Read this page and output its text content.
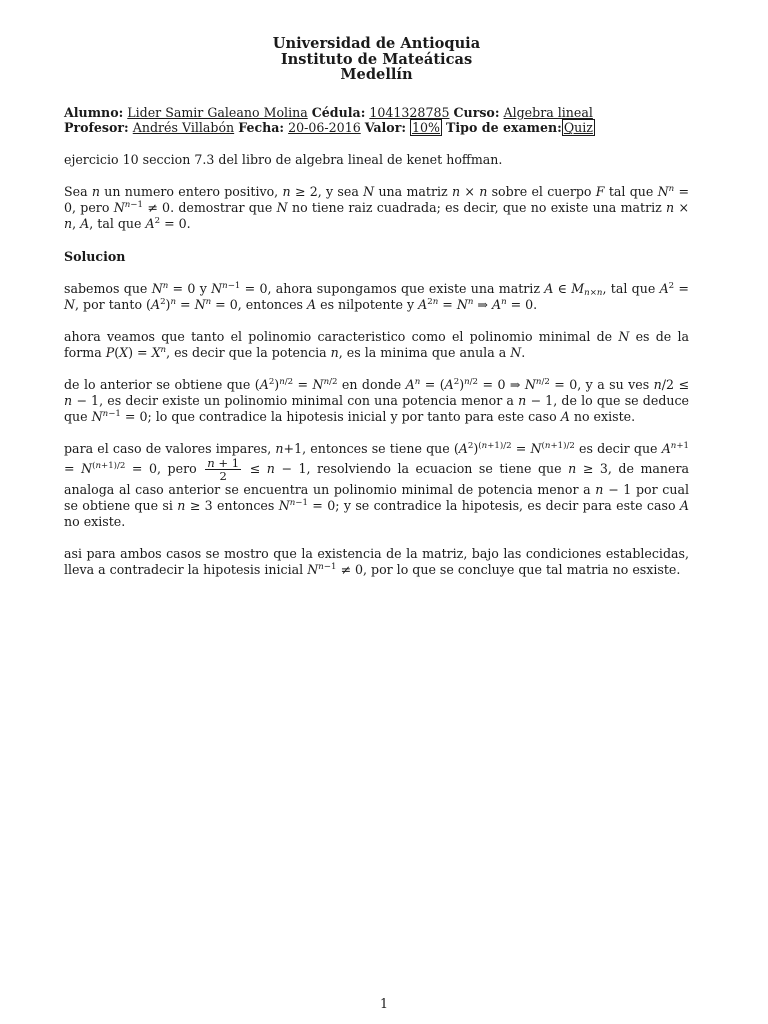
Universidad de Antioquia
Instituto de Mateáticas
Medellín
Alumno: Lider Samir Galeano Molina Cédula: 1041328785 Curso: Algebra lineal
Profesor: Andrés Villabón Fecha: 20-06-2016 Valor: 10% Tipo de examen: Quiz

ejercicio 10 seccion 7.3 del libro de algebra lineal de kenet hoffman.

Sea n un numero entero positivo, n ≥ 2, y sea N una matriz n × n sobre el cuerpo F tal que $N^n = 0$, pero $N^{n-1} \ne 0$. demostrar que N no tiene raiz cuadrada; es decir, que no existe una matriz n × n, A, tal que $A^2 = 0$.

Solucion

sabemos que $N^n = 0$ y $N^{n-1} = 0$, ahora supongamos que existe una matriz A ∈ $M_{n\times n}$, tal que $A^2 = N$, por tanto $(A^2)^n = N^n = 0$, entonces A es nilpotente y $A^{2n} = N^n$ ⇒ $A^n = 0$.

ahora veamos que tanto el polinomio caracteristico como el polinomio minimal de N es de la forma $P(X) = X^n$, es decir que la potencia n, es la minima que anula a N.

de lo anterior se obtiene que $(A^2)^{n/2} = N^{n/2}$ en donde $A^n = (A^2)^{n/2} = 0$ ⇒ $N^{n/2} = 0$, y a su ves n/2 ≤ n − 1, es decir existe un polinomio minimal con una potencia menor a n − 1, de lo que se deduce que $N^{n-1} = 0$; lo que contradice la hipotesis inicial y por tanto para este caso A no existe.

para el caso de valores impares, n+1, entonces se tiene que $(A^2)^{(n+1)/2} = N^{(n+1)/2}$ es decir que $A^{n+1} = N^{(n+1)/2} = 0$, pero $\frac{n + 1}{2} \le n - 1$, resolviendo la ecuacion se tiene que n ≥ 3, de manera analoga al caso anterior se encuentra un polinomio minimal de potencia menor a n − 1 por cual se obtiene que si n ≥ 3 entonces $N^{n-1} = 0$; y se contradice la hipotesis, es decir para este caso A no existe.

asi para ambos casos se mostro que la existencia de la matriz, bajo las condiciones establecidas, lleva a contradecir la hipotesis inicial $N^{n-1} \ne 0$, por lo que se concluye que tal matria no esxiste.

1
